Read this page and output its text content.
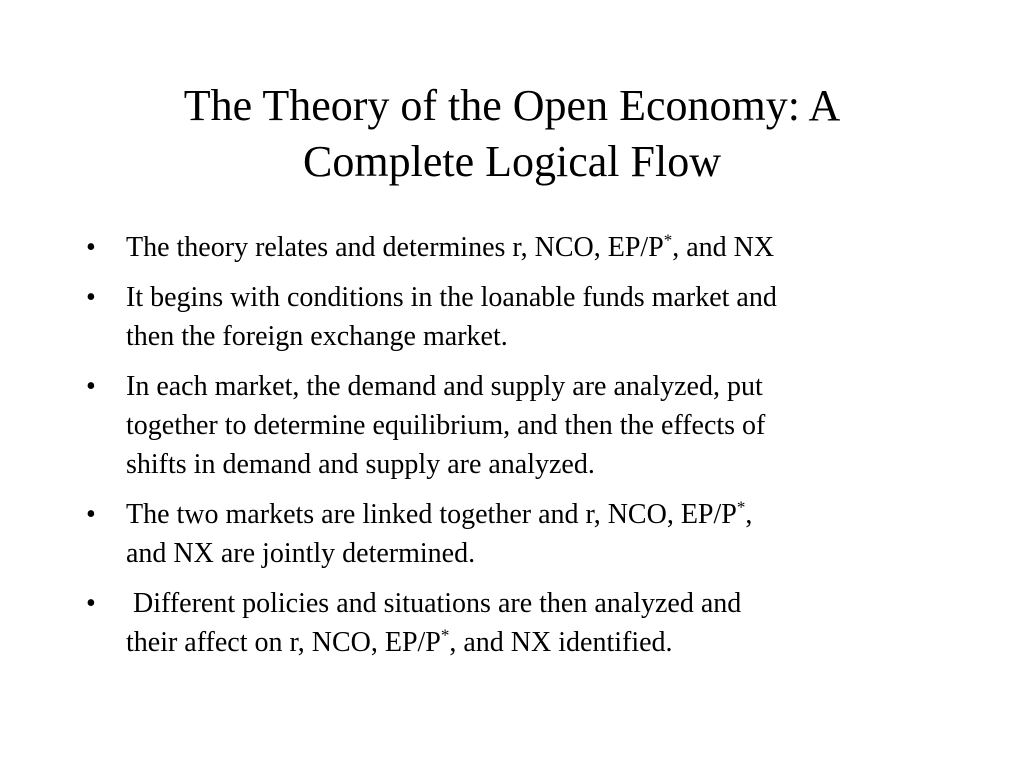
The Theory of the Open Economy: A
Complete Logical Flow
• The theory relates and determines r, NCO, EP/P*, and NX
• It begins with conditions in the loanable funds market and
then the foreign exchange market.
• In each market, the demand and supply are analyzed, put
together to determine equilibrium, and then the effects of
shifts in demand and supply are analyzed.
• The two markets are linked together and r, NCO, EP/P*,
and NX are jointly determined.
• Different policies and situations are then analyzed and
their affect on r, NCO, EP/P*, and NX identified.
